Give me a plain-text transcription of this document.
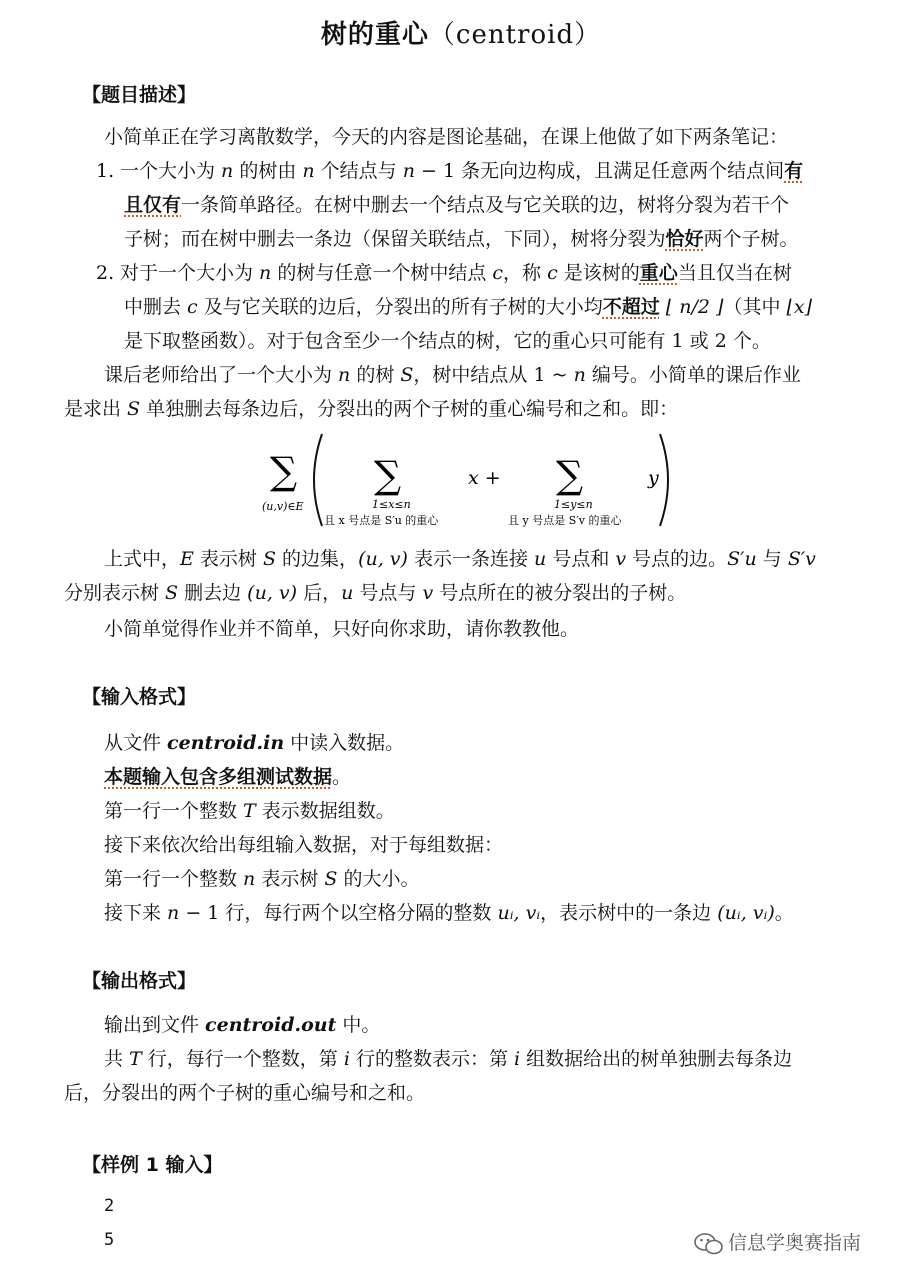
树的重心（centroid）
【题目描述】
小简单正在学习离散数学，今天的内容是图论基础，在课上他做了如下两条笔记：
1. 一个大小为 n 的树由 n 个结点与 n − 1 条无向边构成，且满足任意两个结点间有
且仅有一条简单路径。在树中删去一个结点及与它关联的边，树将分裂为若干个
子树；而在树中删去一条边（保留关联结点，下同），树将分裂为恰好两个子树。
2. 对于一个大小为 n 的树与任意一个树中结点 c，称 c 是该树的重心当且仅当在树
中删去 c 及与它关联的边后，分裂出的所有子树的大小均不超过 ⌊ n/2 ⌋（其中 ⌊x⌋
是下取整函数）。对于包含至少一个结点的树，它的重心只可能有 1 或 2 个。
课后老师给出了一个大小为 n 的树 S，树中结点从 1 ~ n 编号。小简单的课后作业
是求出 S 单独删去每条边后，分裂出的两个子树的重心编号和之和。即：
∑
(u,v)∈E
∑
1≤x≤n
且 x 号点是 S′u 的重心
x + ∑
1≤y≤n
且 y 号点是 S′v 的重心
y
上式中，E 表示树 S 的边集，(u, v) 表示一条连接 u 号点和 v 号点的边。S′u 与 S′v
分别表示树 S 删去边 (u, v) 后，u 号点与 v 号点所在的被分裂出的子树。
小简单觉得作业并不简单，只好向你求助，请你教教他。
【输入格式】
从文件 centroid.in 中读入数据。
本题输入包含多组测试数据。
第一行一个整数 T 表示数据组数。
接下来依次给出每组输入数据，对于每组数据：
第一行一个整数 n 表示树 S 的大小。
接下来 n − 1 行，每行两个以空格分隔的整数 uᵢ, vᵢ，表示树中的一条边 (uᵢ, vᵢ)。
【输出格式】
输出到文件 centroid.out 中。
共 T 行，每行一个整数，第 i 行的整数表示：第 i 组数据给出的树单独删去每条边
后，分裂出的两个子树的重心编号和之和。
【样例 1 输入】
2
5	信息学奥赛指南
